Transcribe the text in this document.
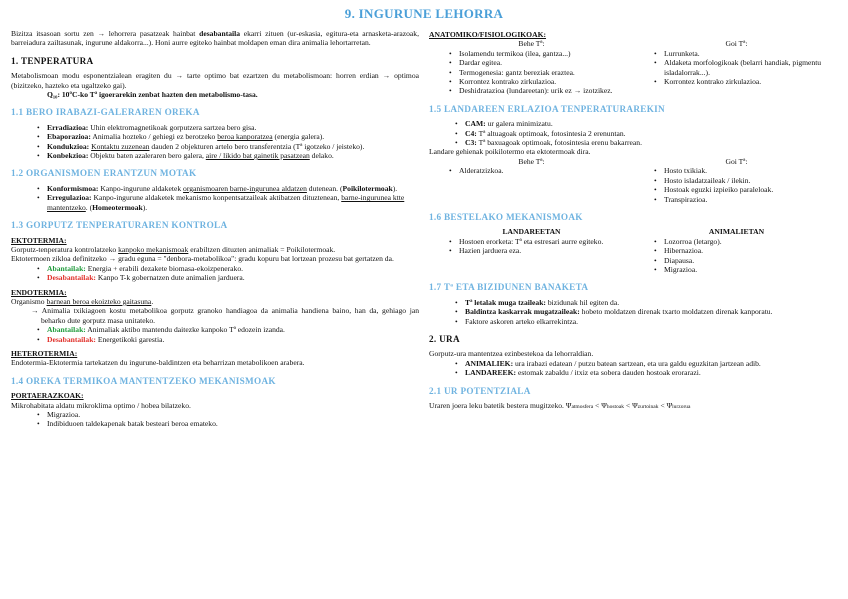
9. INGURUNE LEHORRA

Bizitza itsasoan sortu zen → lehorrera pasatzeak hainbat desabantaila ekarri zituen (ur-eskasia, egitura-eta arnasketa-arazoak, barreiadura zailtasunak, ingurune aldakorra...). Honi aurre egiteko hainbat moldapen eman dira animalia lehortarretan.

1. TENPERATURA

Metabolismoan modu esponentzialean eragiten du → tarte optimo bat ezartzen du metabolismoan: horren erdian → optimoa (bizitzeko, hazteko eta ugaltzeko gai).

Q₁₀: 10ºC-ko Tª igoerarekin zenbat hazten den metabolismo-tasa.

1.1 BERO IRABAZI-GALERAREN OREKA
• Erradiazioa: Uhin elektromagnetikoak gorputzera sartzea bero gisa.
• Ebaporazioa: Animalia hozteko / gehiegi ez berotzeko beroa kanporatzea (energia galera).
• Kondukzioa: Kontaktu zuzenean dauden 2 objekturen artelo bero transferentzia (Tª igotzeko / jeisteko).
• Konbekzioa: Objektu baten azaleraren bero galera, aire / likido bat gainetik pasatzean delako.
1.2 ORGANISMOEN ERANTZUN MOTAK
• Konformismoa: Kanpo-ingurune aldaketek organismoaren barne-ingurunea aldatzen dutenean. (Poikilotermoak).
• Erregulazioa: Kanpo-ingurune aldaketek mekanismo konpentsatzaileak aktibatzen dituztenean, barne-ingurunea ktte mantentzeko. (Homeotermoak).
1.3 GORPUTZ TENPERATURAREN KONTROLA
EKTOTERMIA:

Gorputz-tenperatura kontrolatzeko kanpoko mekanismoak erabiltzen dituzten animaliak = Poikilotermoak.

Ektotermoen zikloa definitzeko → gradu eguna = "denbora-metabolikoa": gradu kopuru bat lortzean prozesu bat gertatzen da.

• Abantailak: Energia + erabili dezakete biomasa-ekoizpenerako.
• Desabantailak: Kanpo T-k gobernatzen dute animalien jarduera.
ENDOTERMIA:

Organismo barnean beroa ekoizteko gaitasuna.

→ Animalia txikiagoen kostu metabolikoa gorputz granoko handiagoa da animalia handiena baino, han da, gehiago jan beharko dute gorputz masa unitateko.

• Abantailak: Animaliak aktibo mantendu daitezke kanpoko Tª edozein izanda.
• Desabantailak: Energetikoki garestia.
HETEROTERMIA:

Endotermia-Ektotermia tartekatzen du ingurune-baldintzen eta beharrizan metabolikoen arabera.

1.4 OREKA TERMIKOA MANTENTZEKO MEKANISMOAK
PORTAERAZKOAK:

Mikrohabitata aldatu mikroklima optimo / hobea bilatzeko.

• Migrazioa.
• Indibiduoen taldekapenak batak besteari beroa emateko.
ANATOMIKO/FISIOLOGIKOAK:
Behe Tª:
• Isolamendu termikoa (ilea, gantza...)
• Dardar egitea.
• Termogenesia: gantz bereziak eraztea.
• Korrontez kontrako zirkulazioa.
• Deshidratazioa (lundareetan): urik ez → izotzikez.
Goi Tª:
• Lurrunketa.
• Aldaketa morfologikoak (belarri handiak, pigmentu isladalorrak...).
• Korrontez kontrako zirkulazioa.
1.5 LANDAREEN ERLAZIOA TENPERATURAREKIN
• CAM: ur galera minimizatu.
• C4: Tª altuagoak optimoak, fotosintesia 2 erenuntan.
• C3: Tª baxuagoak optimoak, fotosintesia erenu bakarrean.

Landare gehienak poikilotermo eta ektotermoak dira.

Behe Tª:
• Alderatzizkoa.
Goi Tª:
• Hosto txikiak.
• Hosto isladatzaileak / ilekin.
• Hostoak eguzki izpieiko paraleloak.
• Transpirazioa.
1.6 BESTELAKO MEKANISMOAK
LANDAREETAN
• Hostoen erorketa: Tª eta estresari aurre egiteko.
• Hazien jarduera eza.
ANIMALIETAN
• Lozorroa (letargo).
• Hibernazioa.
• Diapausa.
• Migrazioa.
1.7 Tª ETA BIZIDUNEN BANAKETA
• Tª letalak muga tzaileak: bizidunak hil egiten da.
• Baldintza kaskarrak mugatzaileak: hobeto moldatzen direnak txarto moldatzen direnak kanporatu.
• Faktore askoren arteko elkarrekintza.
2. URA

Gorputz-ura mantentzea ezinbestekoa da lehorraldian.

• ANIMALIEK: ura irabazi edatean / putzu batean sartzean, eta ura galdu eguzkitan jartzean adib.
• LANDAREEK: estomak zabaldu / itxiz eta sobera dauden hostoak erorarazi.
2.1 UR POTENTZIALA

Uraren joera leku batetik bestera mugitzeko. Ψatmosfera < Ψhostoak < Ψzurtoinak < Ψlurzorua
